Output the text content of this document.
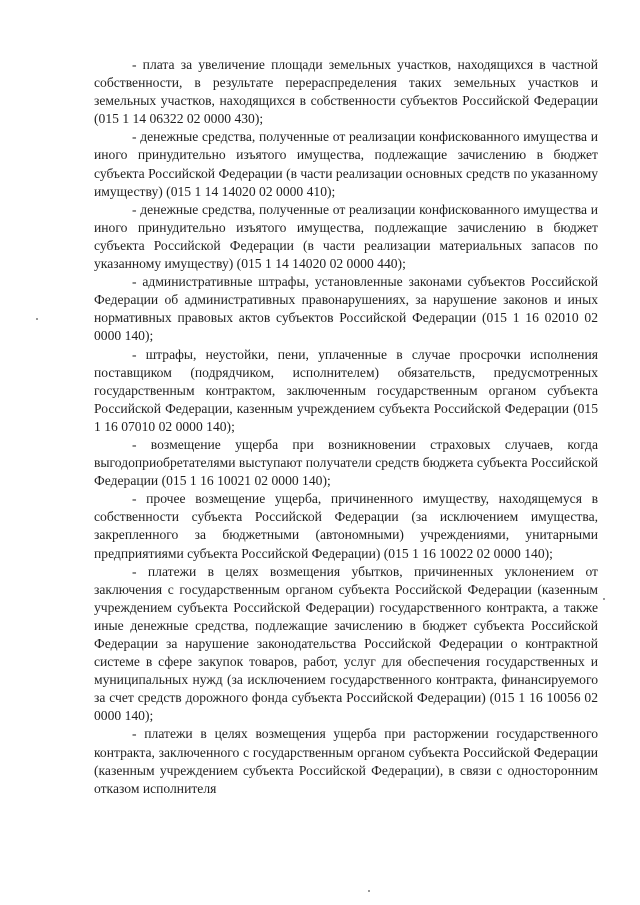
- плата за увеличение площади земельных участков, находящихся в частной собственности, в результате перераспределения таких земельных участков и земельных участков, находящихся в собственности субъектов Российской Федерации (015 1 14 06322 02 0000 430);

- денежные средства, полученные от реализации конфискованного имущества и иного принудительно изъятого имущества, подлежащие зачислению в бюджет субъекта Российской Федерации (в части реализации основных средств по указанному имуществу) (015 1 14 14020 02 0000 410);

- денежные средства, полученные от реализации конфискованного имущества и иного принудительно изъятого имущества, подлежащие зачислению в бюджет субъекта Российской Федерации (в части реализации материальных запасов по указанному имуществу) (015 1 14 14020 02 0000 440);

- административные штрафы, установленные законами субъектов Российской Федерации об административных правонарушениях, за нарушение законов и иных нормативных правовых актов субъектов Российской Федерации (015 1 16 02010 02 0000 140);

- штрафы, неустойки, пени, уплаченные в случае просрочки исполнения поставщиком (подрядчиком, исполнителем) обязательств, предусмотренных государственным контрактом, заключенным государственным органом субъекта Российской Федерации, казенным учреждением субъекта Российской Федерации (015 1 16 07010 02 0000 140);

- возмещение ущерба при возникновении страховых случаев, когда выгодоприобретателями выступают получатели средств бюджета субъекта Российской Федерации (015 1 16 10021 02 0000 140);

- прочее возмещение ущерба, причиненного имуществу, находящемуся в собственности субъекта Российской Федерации (за исключением имущества, закрепленного за бюджетными (автономными) учреждениями, унитарными предприятиями субъекта Российской Федерации) (015 1 16 10022 02 0000 140);

- платежи в целях возмещения убытков, причиненных уклонением от заключения с государственным органом субъекта Российской Федерации (казенным учреждением субъекта Российской Федерации) государственного контракта, а также иные денежные средства, подлежащие зачислению в бюджет субъекта Российской Федерации за нарушение законодательства Российской Федерации о контрактной системе в сфере закупок товаров, работ, услуг для обеспечения государственных и муниципальных нужд (за исключением государственного контракта, финансируемого за счет средств дорожного фонда субъекта Российской Федерации) (015 1 16 10056 02 0000 140);

- платежи в целях возмещения ущерба при расторжении государственного контракта, заключенного с государственным органом субъекта Российской Федерации (казенным учреждением субъекта Российской Федерации), в связи с односторонним отказом исполнителя
